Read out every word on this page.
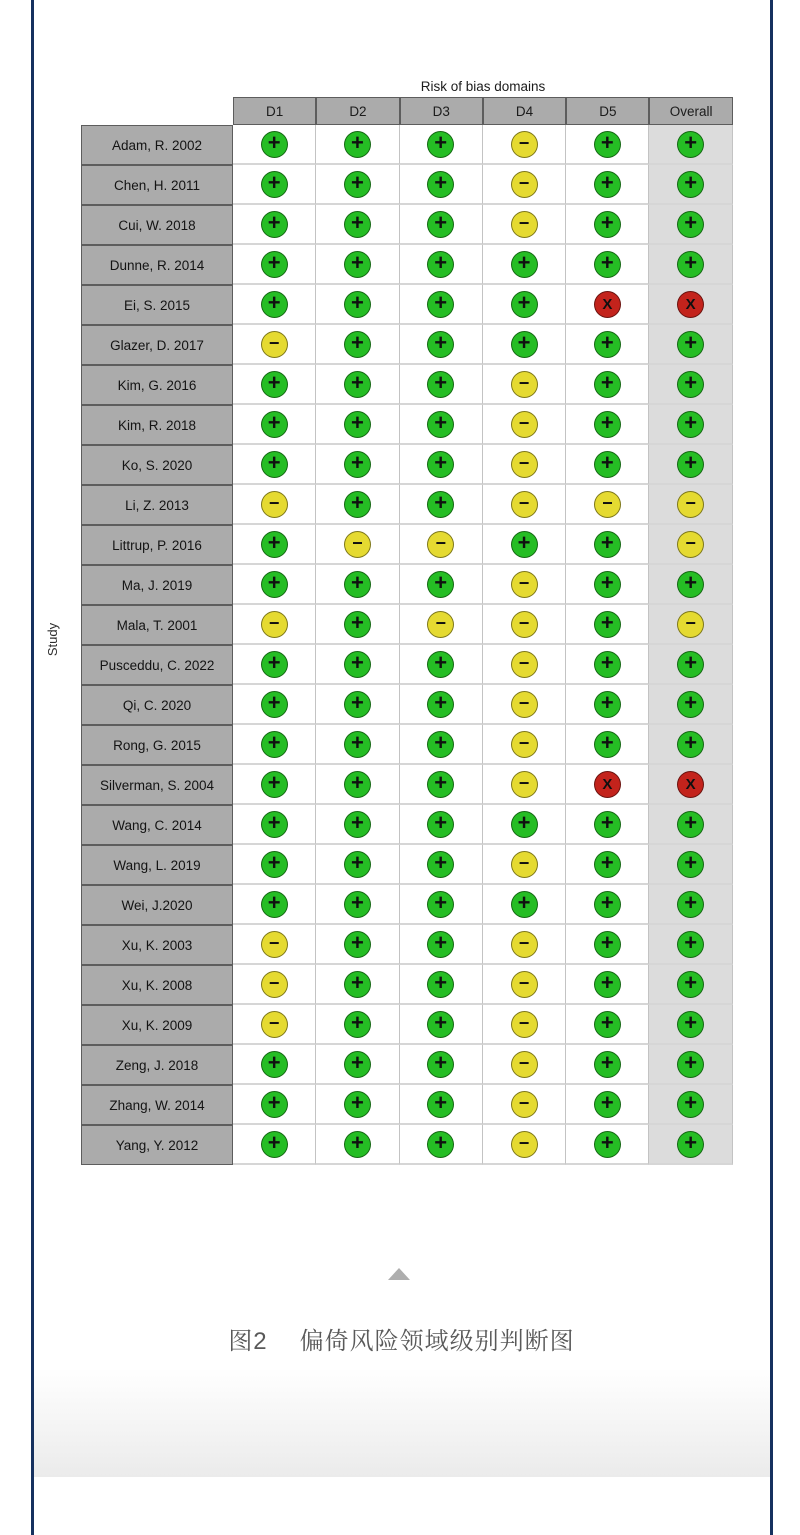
Risk of bias domains
D1	D2	D3	D4	D5	Overall
Adam, R. 2002	+	+	+	−	+	+
Chen, H. 2011	+	+	+	−	+	+
Cui, W. 2018	+	+	+	−	+	+
Dunne, R. 2014	+	+	+	+	+	+
Ei, S. 2015	+	+	+	+	X	X
Glazer, D. 2017	−	+	+	+	+	+
Kim, G. 2016	+	+	+	−	+	+
Kim, R. 2018	+	+	+	−	+	+
Ko, S. 2020	+	+	+	−	+	+
Li, Z. 2013	−	+	+	−	−	−
Littrup, P. 2016	+	−	−	+	+	−
Ma, J. 2019	+	+	+	−	+	+
Mala, T. 2001	−	+	−	−	+	−
Pusceddu, C. 2022	+	+	+	−	+	+
Qi, C. 2020	+	+	+	−	+	+
Rong, G. 2015	+	+	+	−	+	+
Silverman, S. 2004	+	+	+	−	X	X
Wang, C. 2014	+	+	+	+	+	+
Wang, L. 2019	+	+	+	−	+	+
Wei, J.2020	+	+	+	+	+	+
Xu, K. 2003	−	+	+	−	+	+
Xu, K. 2008	−	+	+	−	+	+
Xu, K. 2009	−	+	+	−	+	+
Zeng, J. 2018	+	+	+	−	+	+
Zhang, W. 2014	+	+	+	−	+	+
Yang, Y. 2012	+	+	+	−	+	+
Study
图2 偏倚风险领域级别判断图
